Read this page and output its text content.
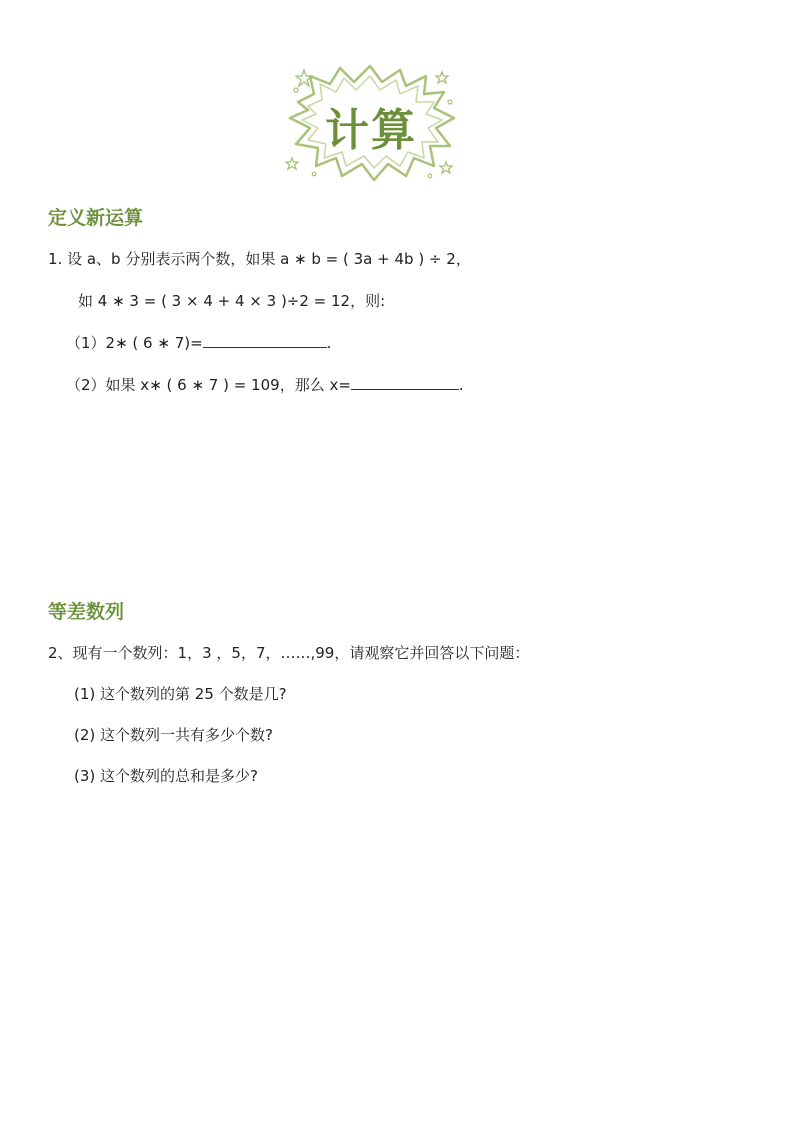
计算
定义新运算
1. 设 a、b 分别表示两个数，如果 a ∗ b = ( 3a + 4b ) ÷ 2，
如 4 ∗ 3 = ( 3 × 4 + 4 × 3 )÷2 = 12，则:
（1）2∗ ( 6 ∗ 7)=	.
（2）如果 x∗ ( 6 ∗ 7 ) = 109，那么 x=	.
等差数列
2、现有一个数列：1，3 ，5，7，……,99，请观察它并回答以下问题：
(1) 这个数列的第 25 个数是几?
(2) 这个数列一共有多少个数?
(3) 这个数列的总和是多少?
